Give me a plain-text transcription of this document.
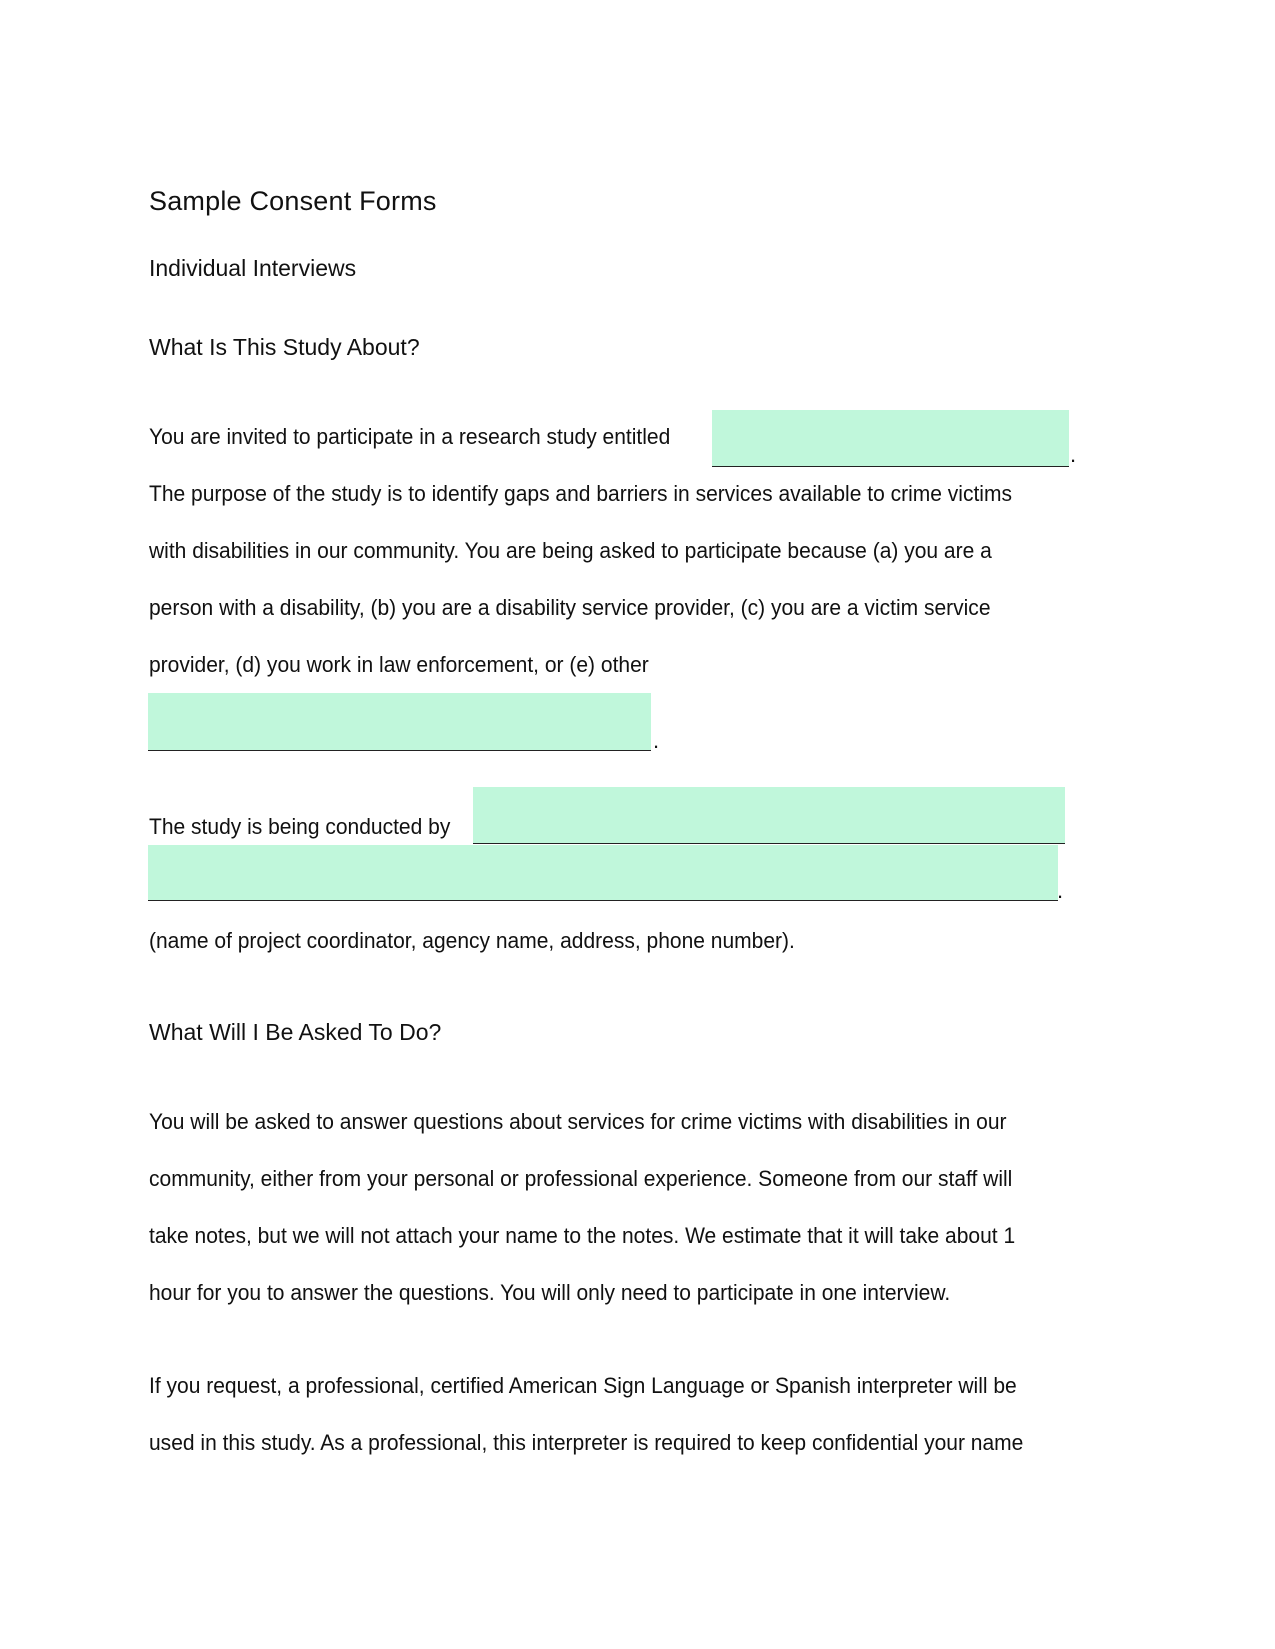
Sample Consent Forms
Individual Interviews
What Is This Study About?
You are invited to participate in a research study entitled
.
The purpose of the study is to identify gaps and barriers in services available to crime victims
with disabilities in our community. You are being asked to participate because (a) you are a
person with a disability, (b) you are a disability service provider, (c) you are a victim service
provider, (d) you work in law enforcement, or (e) other
.
The study is being conducted by
.
(name of project coordinator, agency name, address, phone number).
What Will I Be Asked To Do?
You will be asked to answer questions about services for crime victims with disabilities in our
community, either from your personal or professional experience. Someone from our staff will
take notes, but we will not attach your name to the notes. We estimate that it will take about 1
hour for you to answer the questions. You will only need to participate in one interview.
If you request, a professional, certified American Sign Language or Spanish interpreter will be
used in this study. As a professional, this interpreter is required to keep confidential your name
